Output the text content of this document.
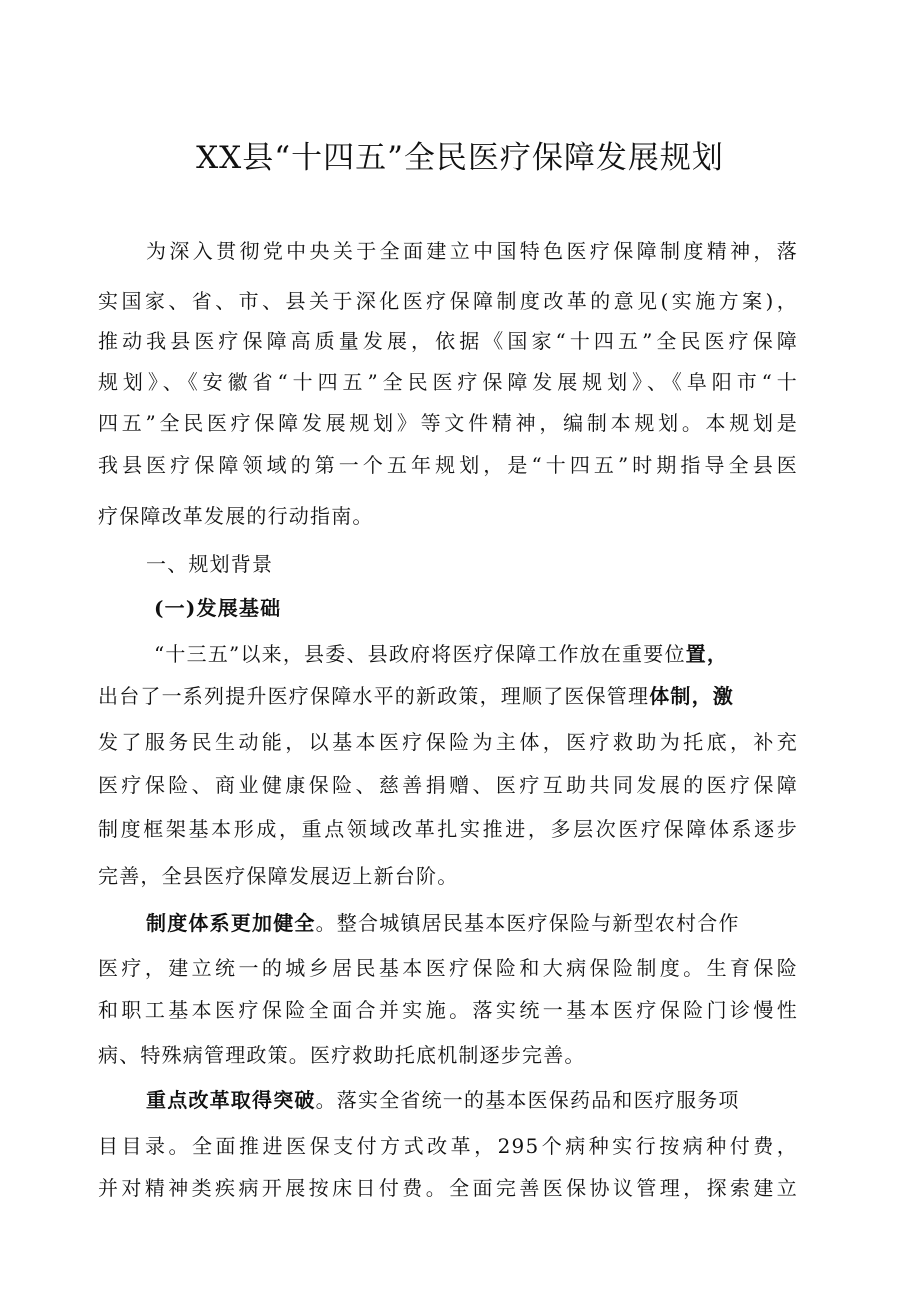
XX县“十四五”全民医疗保障发展规划
为深入贯彻党中央关于全面建立中国特色医疗保障制度精神，落
实国家、省、市、县关于深化医疗保障制度改革的意见(实施方案)，
推动我县医疗保障高质量发展，依据《国家“十四五”全民医疗保障
规划》、《安徽省“十四五”全民医疗保障发展规划》、《阜阳市“十
四五”全民医疗保障发展规划》等文件精神，编制本规划。本规划是
我县医疗保障领域的第一个五年规划，是“十四五”时期指导全县医
疗保障改革发展的行动指南。
一、规划背景
(一)发展基础
“十三五”以来，县委、县政府将医疗保障工作放在重要位置，
出台了一系列提升医疗保障水平的新政策，理顺了医保管理体制，激
发了服务民生动能，以基本医疗保险为主体，医疗救助为托底，补充
医疗保险、商业健康保险、慈善捐赠、医疗互助共同发展的医疗保障
制度框架基本形成，重点领域改革扎实推进，多层次医疗保障体系逐步
完善，全县医疗保障发展迈上新台阶。
制度体系更加健全。整合城镇居民基本医疗保险与新型农村合作
医疗，建立统一的城乡居民基本医疗保险和大病保险制度。生育保险
和职工基本医疗保险全面合并实施。落实统一基本医疗保险门诊慢性
病、特殊病管理政策。医疗救助托底机制逐步完善。
重点改革取得突破。落实全省统一的基本医保药品和医疗服务项
目目录。全面推进医保支付方式改革，295个病种实行按病种付费，
并对精神类疾病开展按床日付费。全面完善医保协议管理，探索建立
